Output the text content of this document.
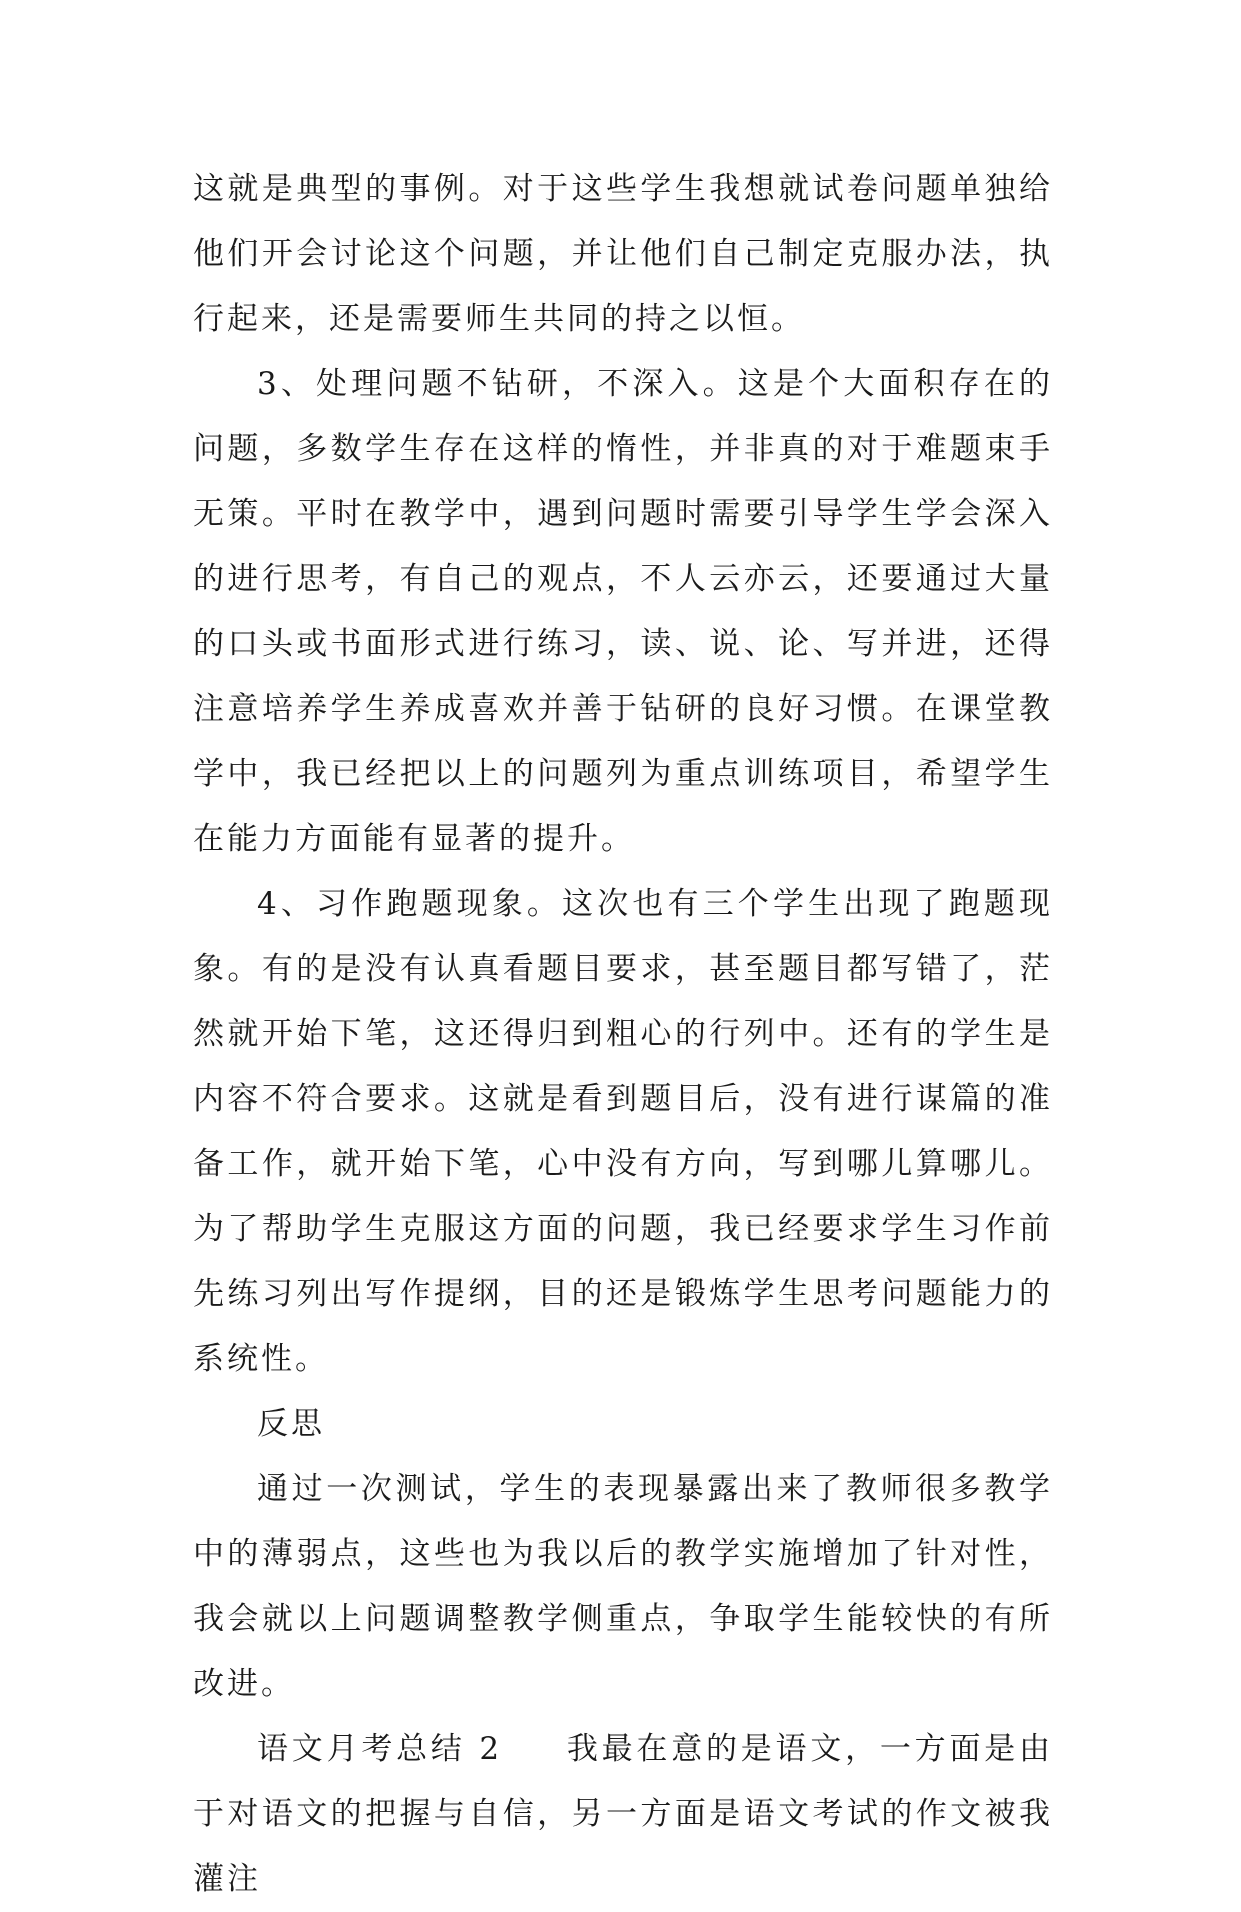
这就是典型的事例。对于这些学生我想就试卷问题单独给他们开会讨论这个问题，并让他们自己制定克服办法，执行起来，还是需要师生共同的持之以恒。

3、处理问题不钻研，不深入。这是个大面积存在的问题，多数学生存在这样的惰性，并非真的对于难题束手无策。平时在教学中，遇到问题时需要引导学生学会深入的进行思考，有自己的观点，不人云亦云，还要通过大量的口头或书面形式进行练习，读、说、论、写并进，还得注意培养学生养成喜欢并善于钻研的良好习惯。在课堂教学中，我已经把以上的问题列为重点训练项目，希望学生在能力方面能有显著的提升。

4、习作跑题现象。这次也有三个学生出现了跑题现象。有的是没有认真看题目要求，甚至题目都写错了，茫然就开始下笔，这还得归到粗心的行列中。还有的学生是内容不符合要求。这就是看到题目后，没有进行谋篇的准备工作，就开始下笔，心中没有方向，写到哪儿算哪儿。为了帮助学生克服这方面的问题，我已经要求学生习作前先练习列出写作提纲，目的还是锻炼学生思考问题能力的系统性。

反思

通过一次测试，学生的表现暴露出来了教师很多教学中的薄弱点，这些也为我以后的教学实施增加了针对性，我会就以上问题调整教学侧重点，争取学生能较快的有所改进。

语文月考总结 2 我最在意的是语文，一方面是由于对语文的把握与自信，另一方面是语文考试的作文被我灌注
